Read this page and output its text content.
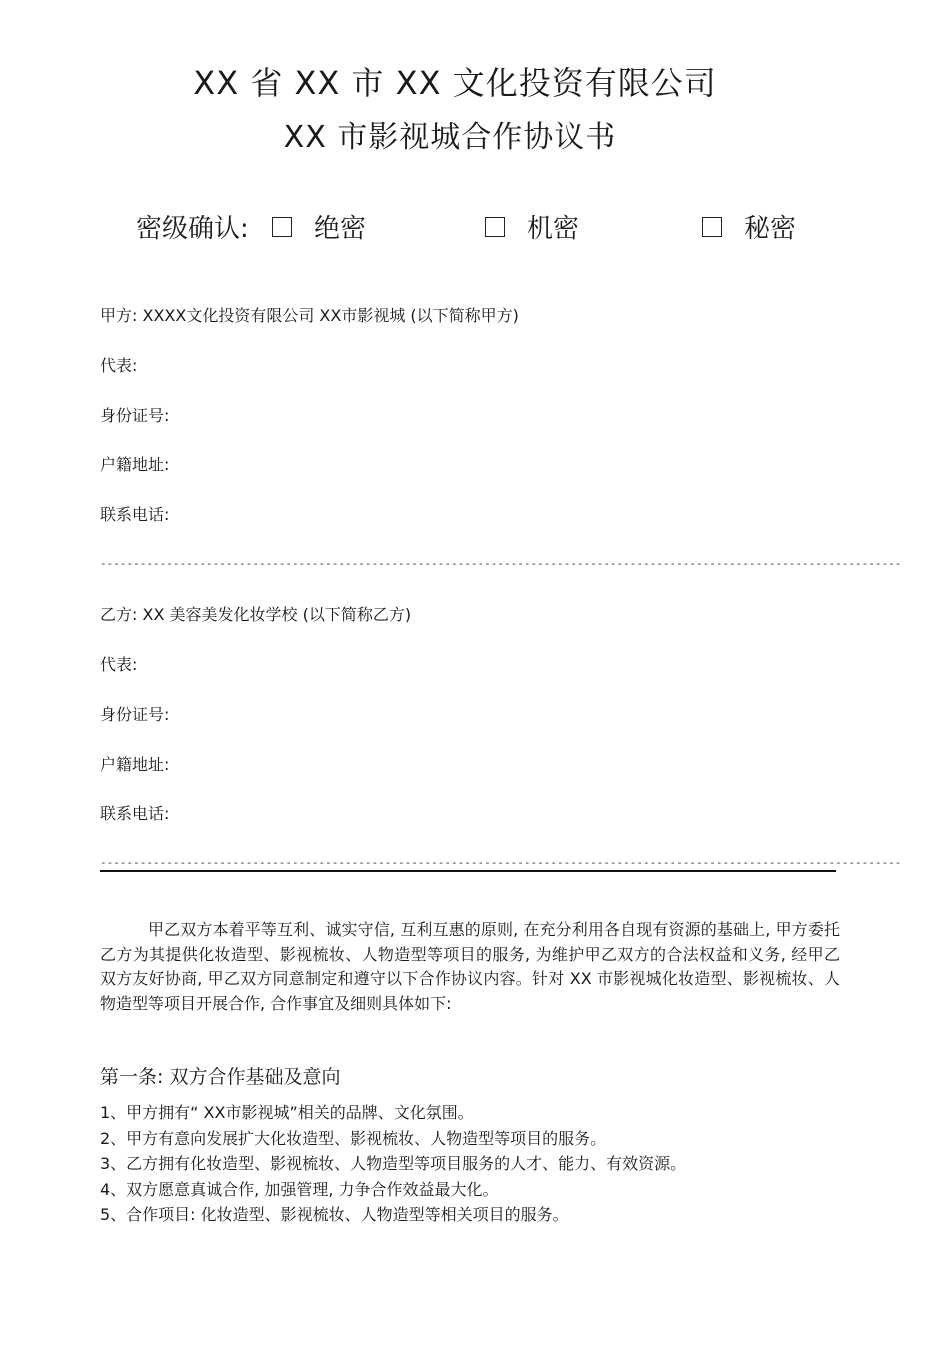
XX 省 XX 市 XX 文化投资有限公司
XX 市影视城合作协议书
密级确认:	绝密	机密	秘密
甲方: XXXX文化投资有限公司 XX市影视城 (以下简称甲方)
代表:
身份证号:
户籍地址:
联系电话:
-------------------------------------------------------------------------------------------------------------------------
乙方: XX 美容美发化妆学校 (以下简称乙方)
代表:
身份证号:
户籍地址:
联系电话:
-------------------------------------------------------------------------------------------------------------------------

甲乙双方本着平等互利、诚实守信, 互利互惠的原则, 在充分利用各自现有资源的基础上, 甲方委托乙方为其提供化妆造型、影视梳妆、人物造型等项目的服务, 为维护甲乙双方的合法权益和义务, 经甲乙双方友好协商, 甲乙双方同意制定和遵守以下合作协议内容。针对 XX 市影视城化妆造型、影视梳妆、人物造型等项目开展合作, 合作事宜及细则具体如下:

第一条: 双方合作基础及意向
1、甲方拥有“ XX市影视城”相关的品牌、文化氛围。
2、甲方有意向发展扩大化妆造型、影视梳妆、人物造型等项目的服务。
3、乙方拥有化妆造型、影视梳妆、人物造型等项目服务的人才、能力、有效资源。
4、双方愿意真诚合作, 加强管理, 力争合作效益最大化。
5、合作项目: 化妆造型、影视梳妆、人物造型等相关项目的服务。
